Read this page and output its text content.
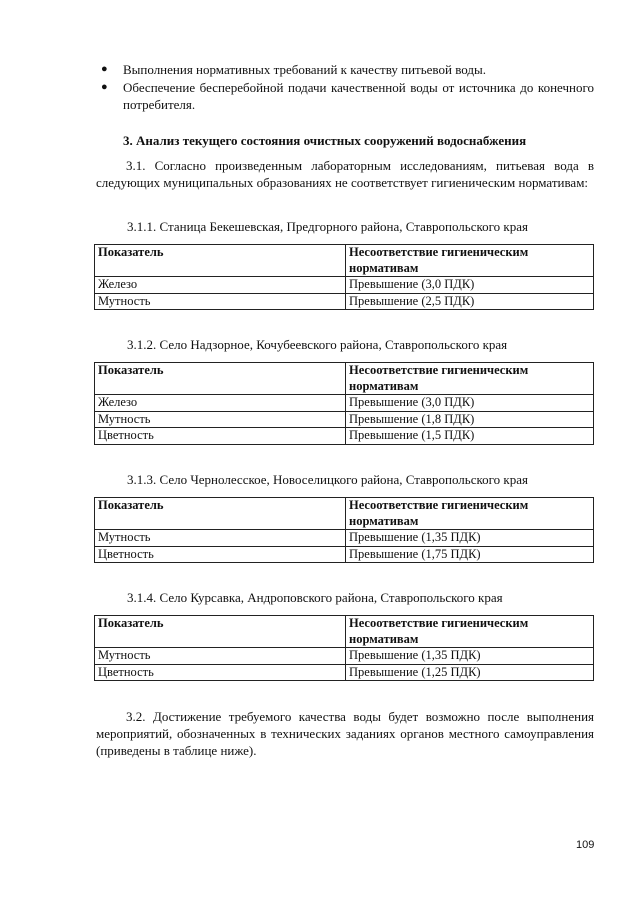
● Выполнения нормативных требований к качеству питьевой воды.
● Обеспечение бесперебойной подачи качественной воды от источника до конечного потребителя.
3. Анализ текущего состояния очистных сооружений водоснабжения

3.1. Согласно произведенным лабораторным исследованиям, питьевая вода в следующих муниципальных образованиях не соответствует гигиеническим нормативам:

3.1.1. Станица Бекешевская, Предгорного района, Ставропольского края
Показатель	Несоответствие гигиеническим нормативам
Железо	Превышение (3,0 ПДК)
Мутность	Превышение (2,5 ПДК)
3.1.2. Село Надзорное, Кочубеевского района, Ставропольского края
Показатель	Несоответствие гигиеническим нормативам
Железо	Превышение (3,0 ПДК)
Мутность	Превышение (1,8 ПДК)
Цветность	Превышение (1,5 ПДК)
3.1.3. Село Чернолесское, Новоселицкого района, Ставропольского края
Показатель	Несоответствие гигиеническим нормативам
Мутность	Превышение (1,35 ПДК)
Цветность	Превышение (1,75 ПДК)
3.1.4. Село Курсавка, Андроповского района, Ставропольского края
Показатель	Несоответствие гигиеническим нормативам
Мутность	Превышение (1,35 ПДК)
Цветность	Превышение (1,25 ПДК)

3.2. Достижение требуемого качества воды будет возможно после выполнения мероприятий, обозначенных в технических заданиях органов местного самоуправления (приведены в таблице ниже).

109
